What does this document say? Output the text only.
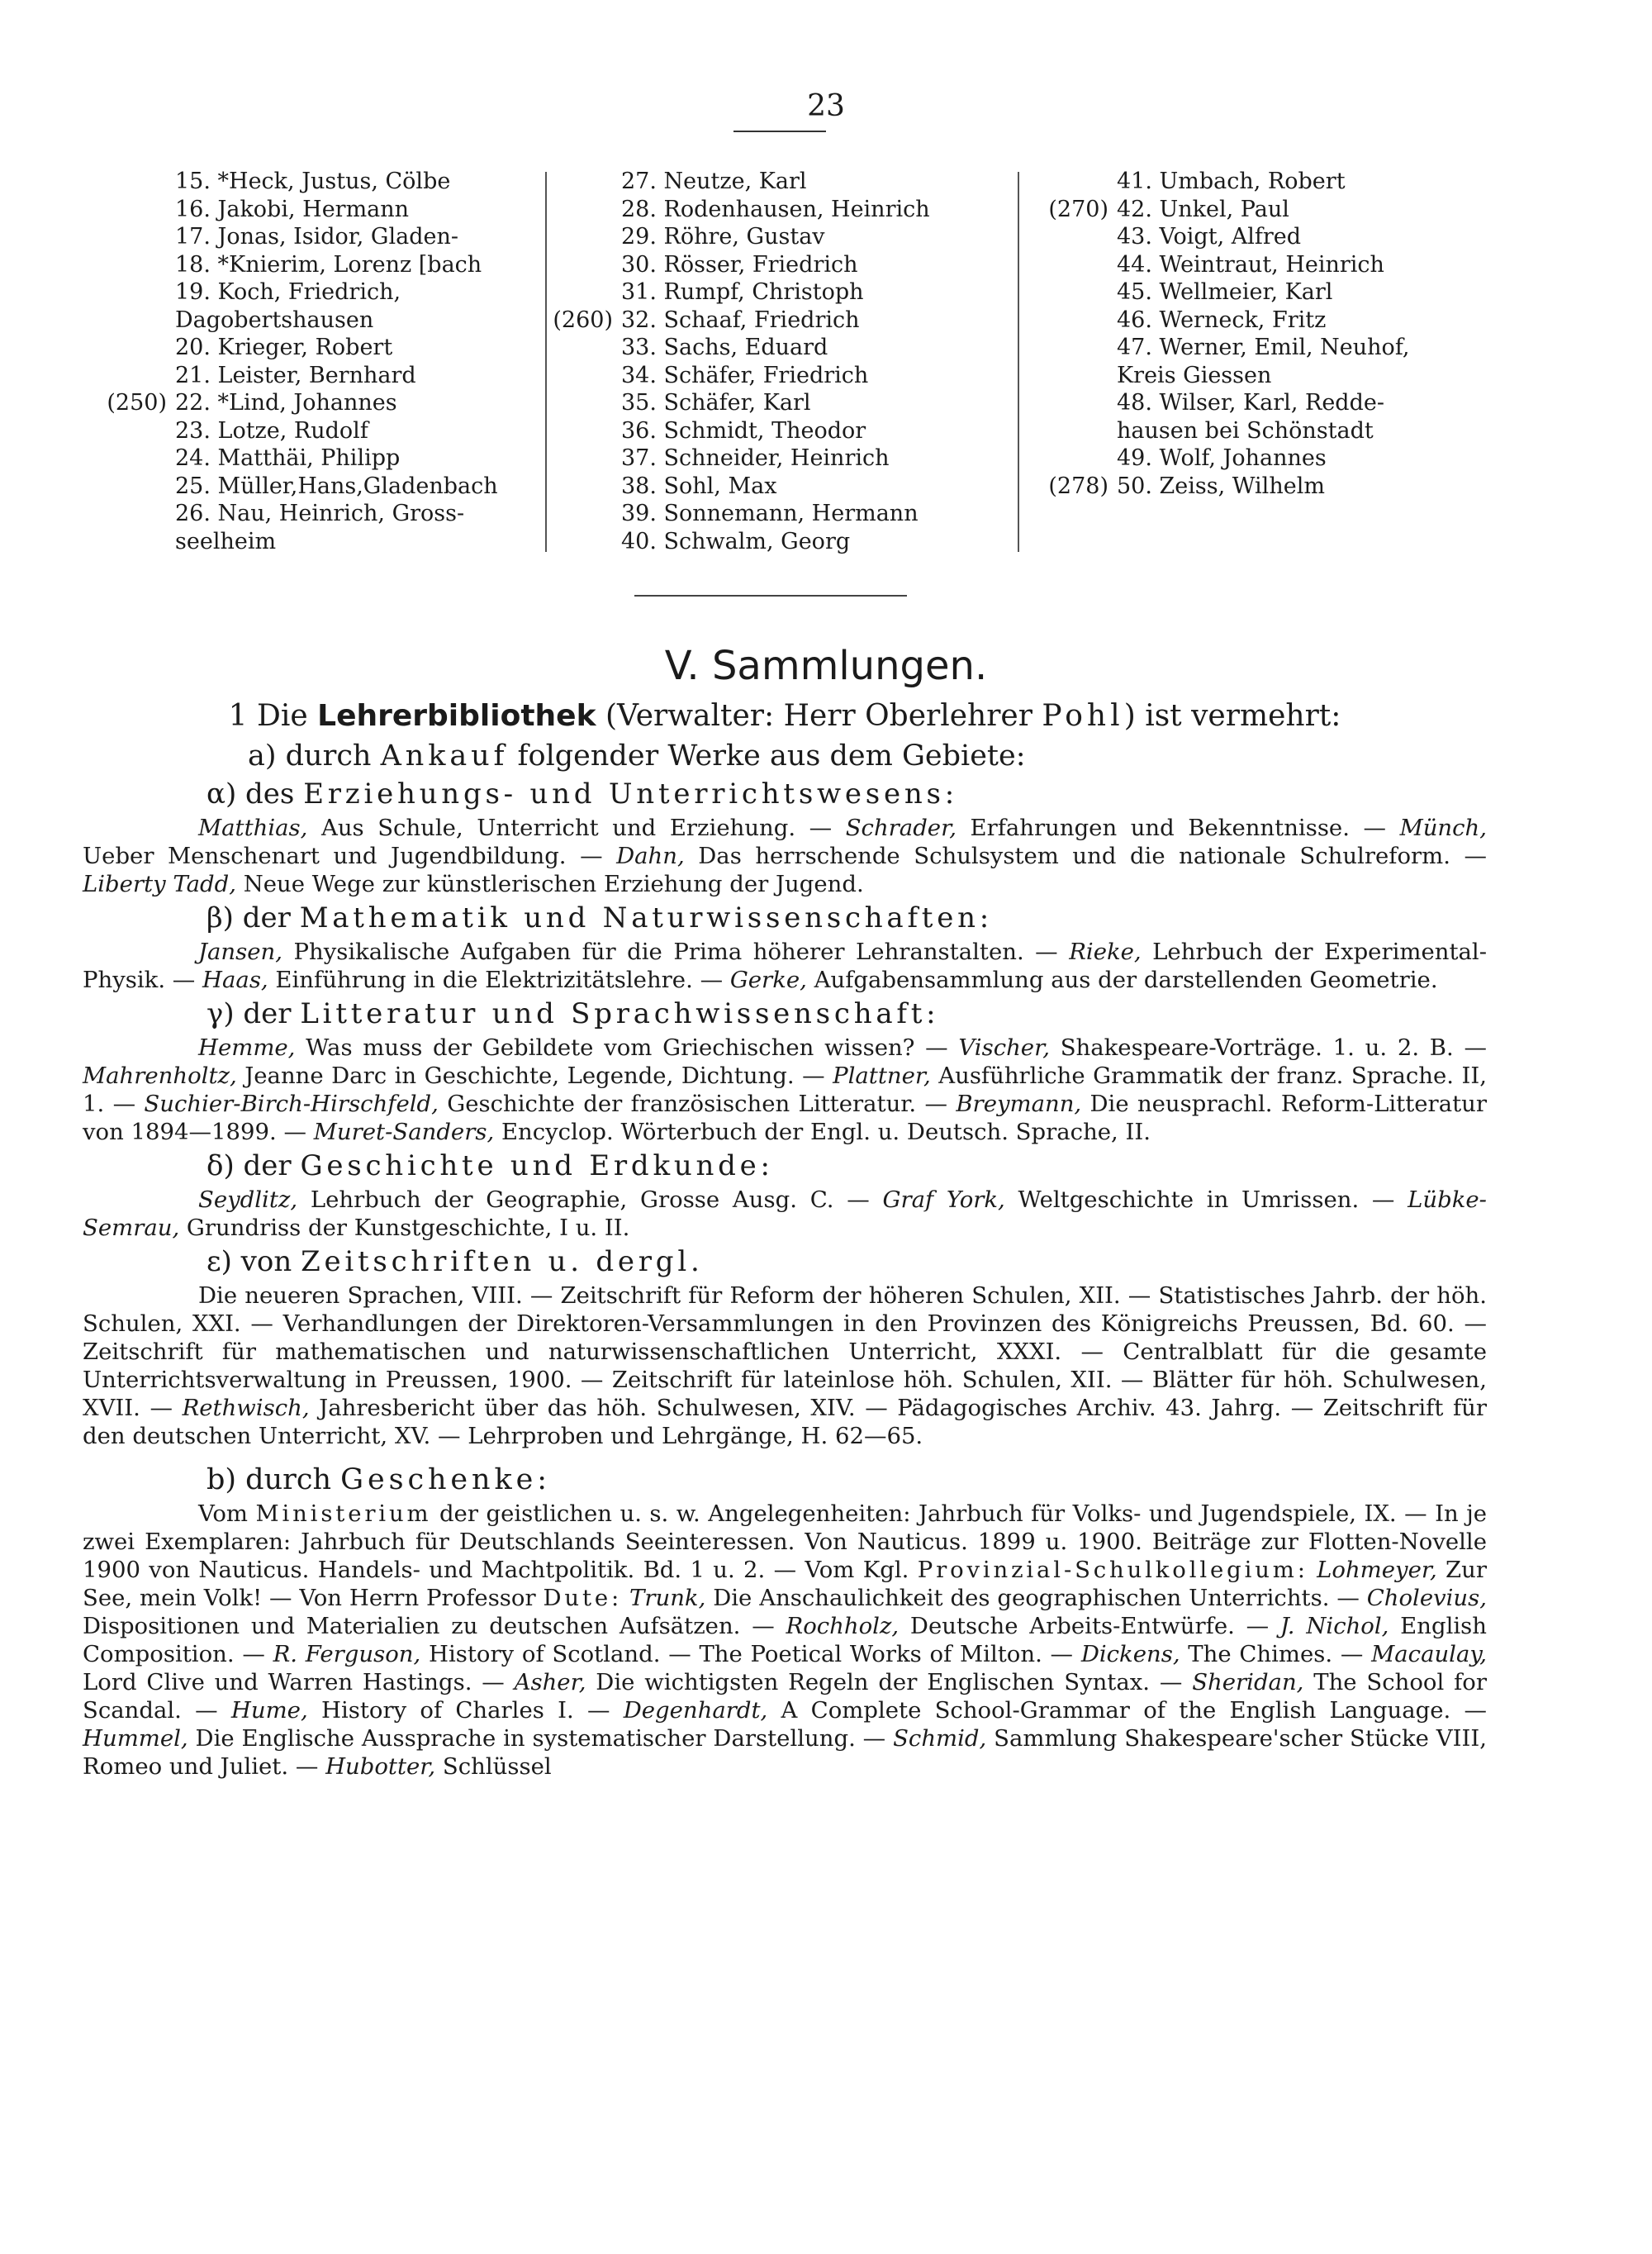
23
15. *Heck, Justus, Cölbe
16. Jakobi, Hermann
17. Jonas, Isidor, Gladen-
18. *Knierim, Lorenz [bach
19. Koch, Friedrich,
Dagobertshausen
20. Krieger, Robert
21. Leister, Bernhard
(250) 22. *Lind, Johannes
23. Lotze, Rudolf
24. Matthäi, Philipp
25. Müller,Hans,Gladenbach
26. Nau, Heinrich, Gross-
seelheim
27. Neutze, Karl
28. Rodenhausen, Heinrich
29. Röhre, Gustav
30. Rösser, Friedrich
31. Rumpf, Christoph
(260) 32. Schaaf, Friedrich
33. Sachs, Eduard
34. Schäfer, Friedrich
35. Schäfer, Karl
36. Schmidt, Theodor
37. Schneider, Heinrich
38. Sohl, Max
39. Sonnemann, Hermann
40. Schwalm, Georg
41. Umbach, Robert
(270) 42. Unkel, Paul
43. Voigt, Alfred
44. Weintraut, Heinrich
45. Wellmeier, Karl
46. Werneck, Fritz
47. Werner, Emil, Neuhof,
Kreis Giessen
48. Wilser, Karl, Redde-
hausen bei Schönstadt
49. Wolf, Johannes
(278) 50. Zeiss, Wilhelm
V. Sammlungen.
1 Die Lehrerbibliothek (Verwalter: Herr Oberlehrer Pohl) ist vermehrt:
a) durch Ankauf folgender Werke aus dem Gebiete:
α) des Erziehungs- und Unterrichtswesens:
Matthias, Aus Schule, Unterricht und Erziehung. — Schrader, Erfahrungen und Bekenntnisse. — Münch, Ueber Menschenart und Jugendbildung. — Dahn, Das herrschende Schulsystem und die nationale Schulreform. — Liberty Tadd, Neue Wege zur künstlerischen Erziehung der Jugend.
β) der Mathematik und Naturwissenschaften:
Jansen, Physikalische Aufgaben für die Prima höherer Lehranstalten. — Rieke, Lehrbuch der Experimental-Physik. — Haas, Einführung in die Elektrizitätslehre. — Gerke, Aufgabensammlung aus der darstellenden Geometrie.
γ) der Litteratur und Sprachwissenschaft:
Hemme, Was muss der Gebildete vom Griechischen wissen? — Vischer, Shakespeare-Vorträge. 1. u. 2. B. — Mahrenholtz, Jeanne Darc in Geschichte, Legende, Dichtung. — Plattner, Ausführliche Grammatik der franz. Sprache. II, 1. — Suchier-Birch-Hirschfeld, Geschichte der französischen Litteratur. — Breymann, Die neusprachl. Reform-Litteratur von 1894—1899. — Muret-Sanders, Encyclop. Wörterbuch der Engl. u. Deutsch. Sprache, II.
δ) der Geschichte und Erdkunde:
Seydlitz, Lehrbuch der Geographie, Grosse Ausg. C. — Graf York, Weltgeschichte in Umrissen. — Lübke-Semrau, Grundriss der Kunstgeschichte, I u. II.
ε) von Zeitschriften u. dergl.
Die neueren Sprachen, VIII. — Zeitschrift für Reform der höheren Schulen, XII. — Statistisches Jahrb. der höh. Schulen, XXI. — Verhandlungen der Direktoren-Versammlungen in den Provinzen des Königreichs Preussen, Bd. 60. — Zeitschrift für mathematischen und naturwissenschaftlichen Unterricht, XXXI. — Centralblatt für die gesamte Unterrichtsverwaltung in Preussen, 1900. — Zeitschrift für lateinlose höh. Schulen, XII. — Blätter für höh. Schulwesen, XVII. — Rethwisch, Jahresbericht über das höh. Schulwesen, XIV. — Pädagogisches Archiv. 43. Jahrg. — Zeitschrift für den deutschen Unterricht, XV. — Lehrproben und Lehrgänge, H. 62—65.
b) durch Geschenke:
Vom Ministerium der geistlichen u. s. w. Angelegenheiten: Jahrbuch für Volks- und Jugendspiele, IX. — In je zwei Exemplaren: Jahrbuch für Deutschlands Seeinteressen. Von Nauticus. 1899 u. 1900. Beiträge zur Flotten-Novelle 1900 von Nauticus. Handels- und Machtpolitik. Bd. 1 u. 2. — Vom Kgl. Provinzial-Schulkollegium: Lohmeyer, Zur See, mein Volk! — Von Herrn Professor Dute: Trunk, Die Anschaulichkeit des geographischen Unterrichts. — Cholevius, Dispositionen und Materialien zu deutschen Aufsätzen. — Rochholz, Deutsche Arbeits-Entwürfe. — J. Nichol, English Composition. — R. Ferguson, History of Scotland. — The Poetical Works of Milton. — Dickens, The Chimes. — Macaulay, Lord Clive und Warren Hastings. — Asher, Die wichtigsten Regeln der Englischen Syntax. — Sheridan, The School for Scandal. — Hume, History of Charles I. — Degenhardt, A Complete School-Grammar of the English Language. — Hummel, Die Englische Aussprache in systematischer Darstellung. — Schmid, Sammlung Shakespeare'scher Stücke VIII, Romeo und Juliet. — Hubotter, Schlüssel
